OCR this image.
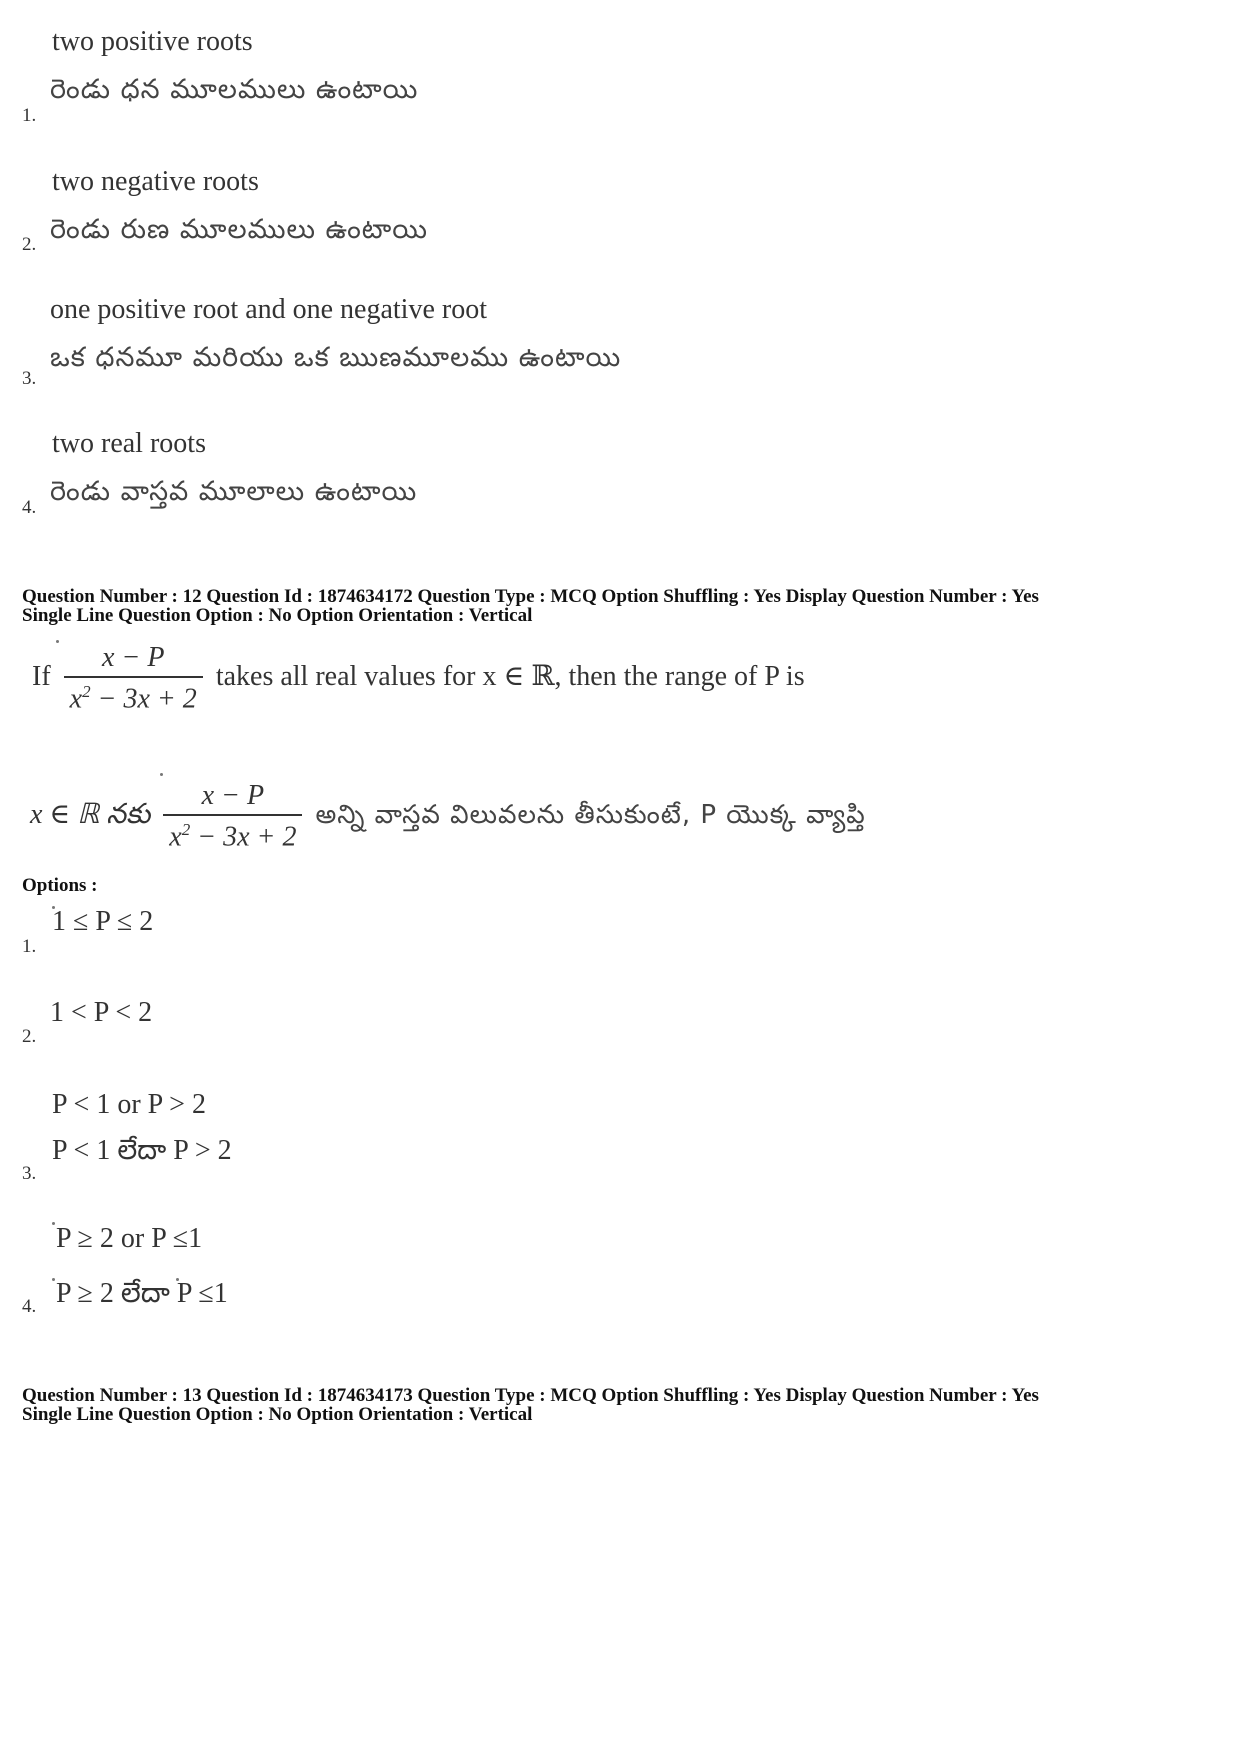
two positive roots
రెండు ధన మూలములు ఉంటాయి
1.
two negative roots
రెండు రుణ మూలములు ఉంటాయి
2.
one positive root and one negative root
ఒక ధనమూ మరియు ఒక ఋణమూలము ఉంటాయి
3.
two real roots
రెండు వాస్తవ మూలాలు ఉంటాయి
4.
Question Number : 12 Question Id : 1874634172 Question Type : MCQ Option Shuffling : Yes Display Question Number : Yes
Single Line Question Option : No Option Orientation : Vertical
If $\frac{x - P}{x^2 - 3x + 2}$ takes all real values for x ∈ ℝ, then the range of P is
x ∈ ℝ నకు $\frac{x - P}{x^2 - 3x + 2}$ అన్ని వాస్తవ విలువలను తీసుకుంటే, P యొక్క వ్యాప్తి
Options :
1 ≤ P ≤ 2
1.
1 < P < 2
2.
P < 1 or P > 2
P < 1 లేదా P > 2
3.
P ≥ 2 or P ≤1
P ≥ 2 లేదా P ≤1
4.
Question Number : 13 Question Id : 1874634173 Question Type : MCQ Option Shuffling : Yes Display Question Number : Yes
Single Line Question Option : No Option Orientation : Vertical
